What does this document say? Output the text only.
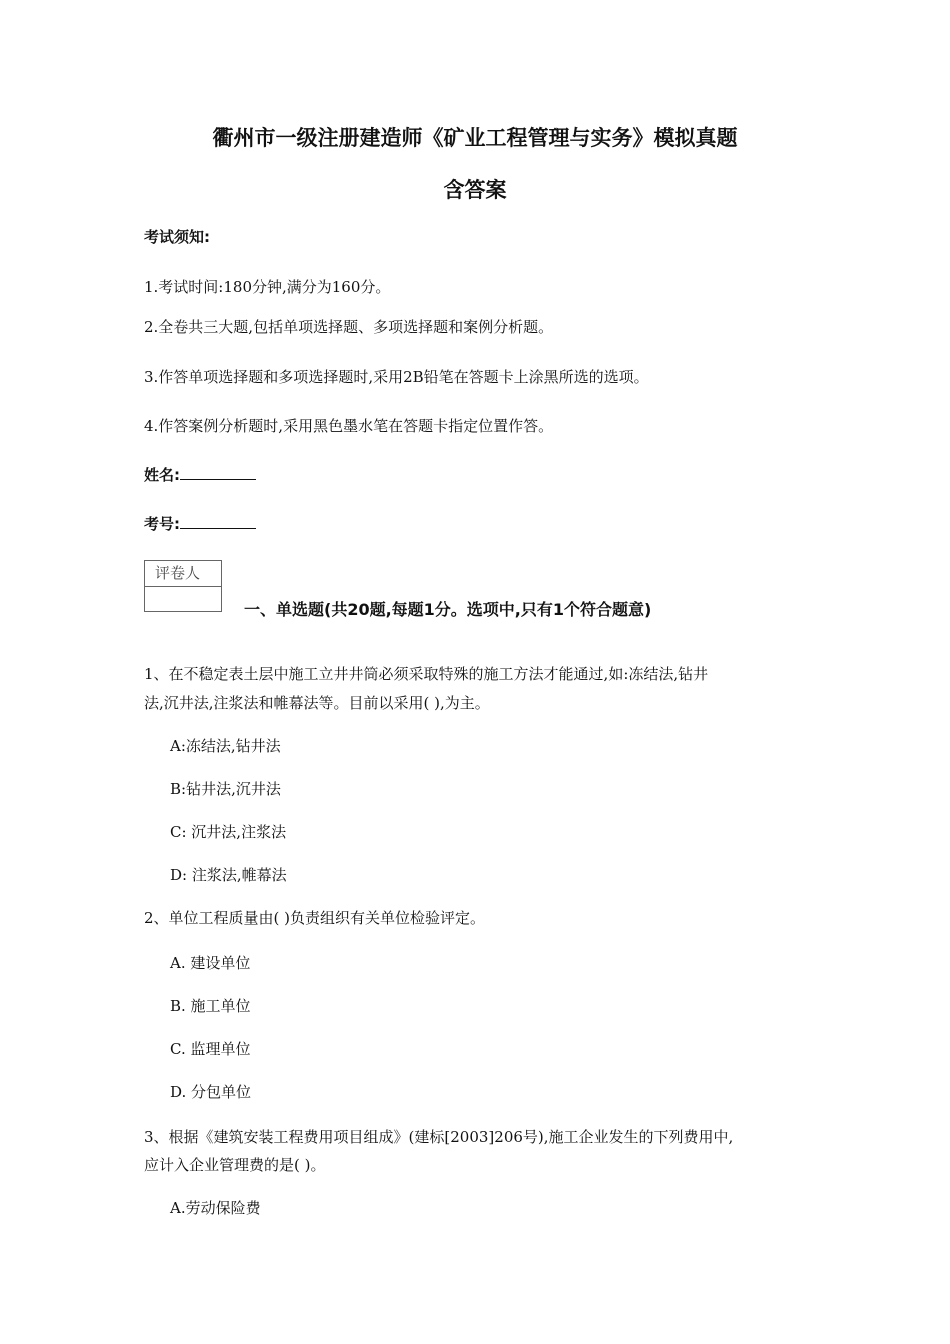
衢州市一级注册建造师《矿业工程管理与实务》模拟真题
含答案
考试须知:
1.考试时间:180分钟,满分为160分。
2.全卷共三大题,包括单项选择题、多项选择题和案例分析题。
3.作答单项选择题和多项选择题时,采用2B铅笔在答题卡上涂黑所选的选项。
4.作答案例分析题时,采用黑色墨水笔在答题卡指定位置作答。
姓名:
考号:
评卷人
一、单选题(共20题,每题1分。选项中,只有1个符合题意)
1、在不稳定表土层中施工立井井筒必须采取特殊的施工方法才能通过,如:冻结法,钻井
法,沉井法,注浆法和帷幕法等。目前以采用( ),为主。
A:冻结法,钻井法
B:钻井法,沉井法
C: 沉井法,注浆法
D: 注浆法,帷幕法
2、单位工程质量由( )负责组织有关单位检验评定。
A. 建设单位
B. 施工单位
C. 监理单位
D. 分包单位
3、根据《建筑安装工程费用项目组成》(建标[2003]206号),施工企业发生的下列费用中,
应计入企业管理费的是( )。
A.劳动保险费
